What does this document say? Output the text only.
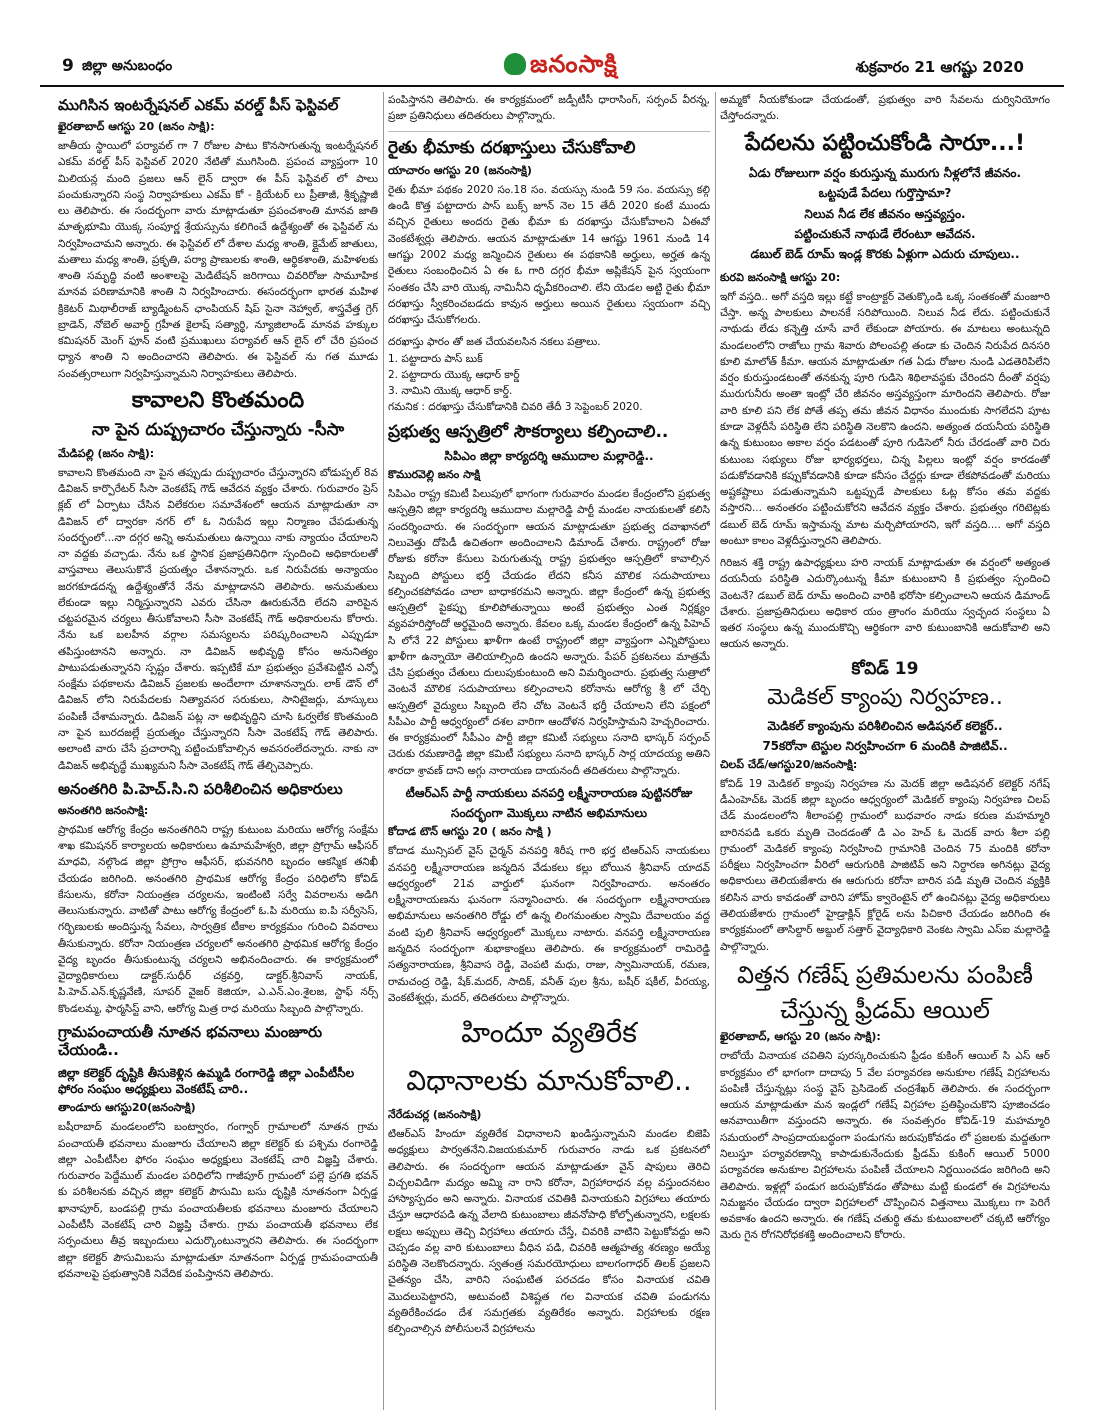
9 జిల్లా అనుబంధం	జనంసాక్షి	శుక్రవారం 21 ఆగష్టు 2020
ముగిసిన ఇంటర్నేషనల్ ఎకమ్ వరల్డ్ పీస్ ఫెస్టివల్
ఖైరతాబాద్ ఆగస్టు 20 (జనం సాక్షి):

జాతీయ స్థాయిలో పర్యావల్ గా 7 రోజుల పాటు కొనసాగుతున్న ఇంటర్నేషనల్ ఎకమ్ వరల్డ్ పీస్ ఫెస్టివల్ 2020 నేటితో ముగిసింది. ప్రపంచ వ్యాప్తంగా 10 మిలియన్ల మంది ప్రజలు ఆన్ లైన్ ద్వారా ఈ పీస్ ఫెస్టివల్ లో పాలు పంచుకున్నారని సంస్థ నిర్వాహకులు ఎకమ్ కో - క్రియేటర్ లు ప్రీతాజీ, శ్రీకృష్ణాజీ లు తెలిపారు. ఈ సందర్భంగా వారు మాట్లాడుతూ ప్రపంచశాంతి మానవ జాతి మాతృభూమి యొక్క సంపూర్ణ శ్రేయస్సును కలిగించే ఉద్దేశ్యంతో ఈ ఫెస్టివల్ ను నిర్వహించామని అన్నారు. ఈ ఫెస్టివల్ లో దేశాల మధ్య శాంతి, క్లైమేట్ జాతులు, మతాలు మధ్య శాంతి, ప్రకృతి, పర్యా ప్రాణులకు శాంతి, ఆర్థికశాంతి, మహిళలకు శాంతి సమృద్ధి వంటి అంశాలపై మెడిటేషన్ జరిగాయి చివరిరోజు సామూహిక మానవ పరిణామానికి శాంతి ని నిర్వహించారు. ఈసందర్భంగా భారత మహిళ క్రికెటర్ మిథాలీరాజ్ బ్యాడ్మింటన్ ఛాంపియన్ షిప్ సైనా నెహ్వాల్, శాస్త్రవేత్త గ్రెగ్ బ్రాడెన్, నోబెల్ అవార్డ్ గ్రహీత కైలాష్ సత్యార్థి, న్యూజిలాండ్ మానవ హక్కుల కమిషనర్ మెంగ్ ఫూన్ వంటి ప్రముఖులు పర్యావల్ ఆన్ లైన్ లో చేరి ప్రపంచ ధ్యాన శాంతి ని అందించారని తెలిపారు. ఈ ఫెస్టివల్ ను గత మూడు సంవత్సరాలుగా నిర్వహిస్తున్నామని నిర్వాహకులు తెలిపారు.

కావాలని కొంతమంది
నా పైన దుష్ప్రచారం చేస్తున్నారు -సీసా
మేడిపల్లి (జనం సాక్షి):

కావాలని కొంతమంది నా పైన తప్పుడు దుష్ప్రచారం చేస్తున్నారని బోడుప్పల్ 8వ డివిజన్ కార్పొరేటర్ సీసా వెంకటేష్ గౌడ్ ఆవేదన వ్యక్తం చేశారు. గురువారం ప్రెస్ క్లబ్ లో ఏర్పాటు చేసిన విలేకరుల సమావేశంలో ఆయన మాట్లాడుతూ నా డివిజన్ లో ద్వారకా నగర్ లో ఓ నిరుపేద ఇల్లు నిర్మాణం చేపడుతున్న సందర్భంలో...నా దగ్గర అన్ని అనుమతులు ఉన్నాయి నాకు న్యాయం చేయాలని నా వద్దకు వచ్చాడు. నేను ఒక స్థానిక ప్రజాప్రతినిధిగా స్పందించి అధికారులతో వాస్తవాలు తెలుసుకొనే ప్రయత్నం చేశానన్నారు. ఒక నిరుపేదకు అన్యాయం జరగకూడదన్న ఉద్దేశ్యంతోనే నేను మాట్లాడానని తెలిపారు. అనుమతులు లేకుండా ఇల్లు నిర్మిస్తున్నారని ఎవరు చేసినా ఊరుకునేది లేదని వారిపైన చట్టపరమైన చర్యలు తీసుకోవాలని సీసా వెంకటేష్ గౌడ్ అధికారులను కోరారు. నేను ఒక బలహీన వర్గాల సమస్యలను పరిష్కరించాలని ఎప్పుడూ తపిస్తుంటానని అన్నారు. నా డివిజన్ అభివృద్ధి కోసం అనునిత్యం పాటుపడుతున్నానని స్పష్టం చేశారు. ఇప్పటికే మా ప్రభుత్వం ప్రవేశపెట్టిన ఎన్నో సంక్షేమ పథకాలను డివిజన్ ప్రజలకు అందేలాగా చూశానన్నారు. లాక్ డౌన్ లో డివిజన్ లోని నిరుపేదలకు నిత్యావసర సరుకులు, సానిటైజర్లు, మాస్కులు పంపిణీ చేశామన్నారు. డివిజన్ పట్ల నా అభివృద్ధిని చూసి ఓర్వలేక కొంతమంది నా పైన బురదజల్లే ప్రయత్నం చేస్తున్నారని సీసా వెంకటేష్ గౌడ్ తెలిపారు. అలాంటి వారు చేసే ప్రచారాన్ని పట్టించుకోవాల్సిన అవసరంలేదన్నారు. నాకు నా డివిజన్ అభివృద్ధే ముఖ్యమని సీసా వెంకటేష్ గౌడ్ తేల్చిచెప్పారు.

అనంతగిరి పి.హెచ్.సి.ని పరిశీలించిన అధికారులు
అనంతగిరి జనంసాక్షి:

ప్రాథమిక ఆరోగ్య కేంద్రం అనంతగిరిని రాష్ట్ర కుటుంబ మరియు ఆరోగ్య సంక్షేమ శాఖ కమిషనర్ కార్యాలయ అధికారులు ఉమామహేశ్వరి, జిల్లా ప్రోగ్రామ్ ఆఫీసర్ మాధవి, నల్గొండ జిల్లా ప్రోగ్రాం ఆఫీసర్, భువనగిరి బృందం ఆకస్మిక తనిఖీ చేయడం జరిగింది. అనంతగిరి ప్రాథమిక ఆరోగ్య కేంద్రం పరిధిలోని కోవిడ్ కేసులను, కరోనా నియంత్రణ చర్యలను, ఇంటింటి సర్వే వివరాలను అడిగి తెలుసుకున్నారు. వాటితో పాటు ఆరోగ్య కేంద్రంలో ఓ.పి మరియు ఐ.పి సర్వీసెస్, గర్భిణులకు అందిస్తున్న సేవలు, సార్వత్రిక టీకాల కార్యక్రమం గురించి వివరాలు తీసుకున్నారు. కరోనా నియంత్రణ చర్యలలో అనంతగిరి ప్రాథమిక ఆరోగ్య కేంద్రం వైద్య బృందం తీసుకుంటున్న చర్యలని అభినందించారు. ఈ కార్యక్రమంలో వైద్యాధికారులు డాక్టర్.సుధీర్ చక్రవర్తి, డాక్టర్.శ్రీనివాస్ నాయక్, పి.హెచ్.ఎన్.కృష్ణవేణి, సూపర్ వైజర్ కెజియా, ఎ.ఎన్.ఎం.శైలజ, స్టాఫ్ నర్స్ కొండలమ్మ, ఫార్మసిస్ట్ వాని, ఆరోగ్య మిత్ర రాధ మరియు సిబ్బంది పాల్గొన్నారు.

గ్రామపంచాయతీ నూతన భవనాలు మంజూరు చేయండి..
జిల్లా కలెక్టర్ దృష్టికి తీసుకెళ్లిన ఉమ్మడి రంగారెడ్డి జిల్లా ఎంపీటీసీల ఫోరం సంఘం అధ్యక్షులు వెంకటేష్ చారి..
తాండూరు ఆగస్టు20(జనంసాక్షి)

బషీరాబాద్ మండలంలోని బంట్వారం, గంగ్వార్ గ్రామాలలో నూతన గ్రామ పంచాయతీ భవనాలు మంజూరు చేయాలని జిల్లా కలెక్టర్ కు పశ్చిమ రంగారెడ్డి జిల్లా ఎంపీటీసీల ఫోరం సంఘం అధ్యక్షులు వెంకటేష్ చారి విజ్ఞప్తి చేశారు. గురువారం పెద్దేముల్ మండల పరిధిలోని గాజీపూర్ గ్రామంలో పల్లె ప్రగతి భవన్ కు పరిశీలనకు వచ్చిన జిల్లా కలెక్టర్ పౌసుమి బసు దృష్టికి నూతనంగా ఏర్పడ్డ ఖానాపూర్, బండపల్లి గ్రామ పంచాయతీలకు భవనాలు మంజూరు చేయాలని ఎంపీటీసీ వెంకటేష్ చారి విజ్ఞప్తి చేశారు. గ్రామ పంచాయతీ భవనాలు లేక సర్పంచులు తీవ్ర ఇబ్బందులు ఎదుర్కొంటున్నారని తెలిపారు. ఈ సందర్భంగా జిల్లా కలెక్టర్ పౌసుమిబసు మాట్లాడుతూ నూతనంగా ఏర్పడ్డ గ్రామపంచాయతీ భవనాలపై ప్రభుత్వానికి నివేదిక పంపిస్తానని తెలిపారు.

పంపిస్తానని తెలిపారు. ఈ కార్యక్రమంలో జడ్పీటీసీ ధారాసింగ్, సర్పంచ్ వీరన్న, ప్రజా ప్రతినిధులు తదితరులు పాల్గొన్నారు.

రైతు భీమాకు దరఖాస్తులు చేసుకోవాలి
యాచారం ఆగస్టు 20 (జనంసాక్షి)

రైతు భీమా పథకం 2020 సం.18 సం. వయస్సు నుండి 59 సం. వయస్సు కల్గి ఉండి కొత్త పట్టాదారు పాస్ బుక్స్ జూన్ నెల 15 తేదీ 2020 కంటే ముందు వచ్చిన రైతులు అందరు రైతు భీమా కు దరఖాస్తు చేసుకోవాలని ఏఈవో వెంకటేశ్వర్లు తెలిపారు. ఆయన మాట్లాడుతూ 14 ఆగష్టు 1961 నుండి 14 ఆగష్టు 2002 మధ్య జన్మించిన రైతులు ఈ పథకానికి అర్హులు, అర్హత ఉన్న రైతులు సంబంధించిన ఏ ఈ ఓ గారి దగ్గర భీమా అప్లికేషన్ పైన స్వయంగా సంతకం చేసి వారి యొక్క నామినీని ధృవీకరించాలి. లేని యెడల అట్టి రైతు భీమా దరఖాస్తు స్వీకరించబడదు కావున అర్హులు అయిన రైతులు స్వయంగా వచ్చి దరఖాస్తు చేసుకోగలరు.

దరఖాస్తు ఫారం తో జత చేయవలసిన నకలు పత్రాలు.
1. పట్టాదారు పాస్ బుక్
2. పట్టాదారు యొక్క ఆధార్ కార్డ్
3. నామిని యొక్క ఆధార్ కార్డ్.
గమనిక : దరఖాస్తు చేసుకోడానికి చివరి తేదీ 3 సెప్టెంబర్ 2020.
ప్రభుత్వ ఆస్పత్రిలో సౌకర్యాలు కల్పించాలి..
సిపిఎం జిల్లా కార్యదర్శి ఆముదాల మల్లారెడ్డి..
కొమురవెల్లి జనం సాక్షి

సిపిఎం రాష్ట్ర కమిటీ పిలుపులో భాగంగా గురువారం మండల కేంద్రంలోని ప్రభుత్వ ఆస్పత్రిని జిల్లా కార్యదర్శి ఆముదాల మల్లారెడ్డి పార్టీ మండల నాయకులతో కలిసి సందర్శించారు. ఈ సందర్భంగా ఆయన మాట్లాడుతూ ప్రభుత్వ దవాఖానలో నిలువెత్తు దోపిడీ ఉచితంగా అందించాలని డిమాండ్ చేశారు. రాష్ట్రంలో రోజు రోజుకు కరోనా కేసులు పెరుగుతున్న రాష్ట్ర ప్రభుత్వం ఆస్పత్రిలో కావాల్సిన సిబ్బంది పోస్టులు భర్తీ చేయడం లేదని కనీస మౌలిక సదుపాయాలు కల్పించకపోవడం చాలా బాధాకరమని అన్నారు. జిల్లా కేంద్రంలో ఉన్న ప్రభుత్వ ఆస్పత్రిలో పైకప్పు కూలిపోతున్నాయి అంటే ప్రభుత్వం ఎంత నిర్లక్ష్యం వ్యవహరిస్తోందో అర్థమైంది అన్నారు. కేవలం ఒక్క మండల కేంద్రంలో ఉన్న పిహెచ్ సి లోనే 22 పోస్టులు ఖాళీగా ఉంటే రాష్ట్రంలో జిల్లా వ్యాప్తంగా ఎన్నిపోస్టులు ఖాళీగా ఉన్నాయో తెలియాల్సింది ఉందని అన్నారు. పేపర్ ప్రకటనలు మాత్రమే చేసి ప్రభుత్వం చేతులు దులుపుకుంటుంది అని విమర్శించారు. ప్రభుత్వ సుత్రాలో వెంటనే మౌలిక సదుపాయాలు కల్పించాలని కరోనాను ఆరోగ్య శ్రీ లో చేర్చి ఆస్పత్రిలో వైద్యులు సిబ్బంది లేని చోట వెంటనే భర్తీ చేయాలని లేని పక్షంలో సీపీఎం పార్టీ ఆధ్వర్యంలో దశల వారిగా ఆందోళన నిర్వహిస్తామని హెచ్చరించారు. ఈ కార్యక్రమంలో సీపీఎం పార్టీ జిల్లా కమిటీ సభ్యులు సనాది భాస్కర్ సర్పంచ్ చెరుకు రమణారెడ్డి జిల్లా కమిటీ సభ్యులు సనాది భాస్కర్ సార్ల యాదయ్య అతిని శారదా శ్రావణ్ దాని అగ్గు నారాయణ దాయనందీ తదితరులు పాల్గొన్నారు.

టీఆర్ఎస్ పార్టీ నాయకులు వనపర్తి లక్ష్మీనారాయణ పుట్టినరోజు
సందర్భంగా మొక్కలు నాటిన అభిమానులు
కోదాడ టౌన్ ఆగస్టు 20 ( జనం సాక్షి )

కోదాడ మున్సిపల్ వైస్ చైర్మన్ వనపర్తి శిరీష గారి భర్త టిఆర్ఎస్ నాయకులు వనపర్తి లక్ష్మీనారాయణ జన్మదిన వేడుకలు కల్లు బోయిన శ్రీనివాస్ యాదవ్ ఆధ్వర్యంలో 21వ వార్డులో ఘనంగా నిర్వహించారు. అనంతరం లక్ష్మీనారాయణను ఘనంగా సన్మానించారు. ఈ సందర్భంగా లక్ష్మీనారాయణ అభిమానులు అనంతగిరి రోడ్డు లో ఉన్న లింగమంతుల స్వామి దేవాలయం వద్ద వంటి పులి శ్రీనివాస్ ఆధ్వర్యంలో మొక్కలు నాటారు. వనపర్తి లక్ష్మీనారాయణ జన్మదిన సందర్భంగా శుభాకాంక్షలు తెలిపారు. ఈ కార్యక్రమంలో రామిరెడ్డి సత్యనారాయణ, శ్రీనివాస రెడ్డి, వెంపటి మధు, రాజు, స్వామినాయక్, రమణ, రామచంద్ర రెడ్డి, షేక్.మదర్, సాదిక్, వనీత్ పుల శ్రీను, బషీర్ షకీల్, వీరయ్య, వెంకటేశ్వర్లు, మదర్, తదితరులు పాల్గొన్నారు.

హిందూ వ్యతిరేక
విధానాలకు మానుకోవాలి..
నేరేడుచర్ల (జనంసాక్షి)

టిఆర్ఎస్ హిందూ వ్యతిరేక విధానాలని ఖండిస్తున్నామని మండల బిజెపి అధ్యక్షులు పార్వతనేని.విజయకుమార్ గురువారం నాడు ఒక ప్రకటనలో తెలిపారు. ఈ సందర్భంగా ఆయన మాట్లాడుతూ వైన్ షాపులు తెరిచి విచ్చలవిడిగా మద్యం అమ్మి నా రాని కరోనా, విగ్రహారాధన వల్ల వస్తుందనటం హాస్యాస్పదం అని అన్నారు. వినాయక చవితికి వినాయకుని విగ్రహాలు తయారు చేస్తూ ఆధారపడి ఉన్న వేలాది కుటుంబాలు జీవనోపాధి కోల్పోతున్నారని, లక్షలకు లక్షలు అప్పులు తెచ్చి విగ్రహాలు తయారు చేస్తే, చివరికి వాటిని పెట్టుకోవద్దు అని చెప్పడం వల్ల వారి కుటుంబాలు వీధిన పడి, చివరికి ఆత్మహత్య శరణ్యం అయ్యే పరిస్థితి నెలకొందన్నారు. స్వతంత్ర సమరయోధులు బాలగంగాధర్ తిలక్ ప్రజలని చైతన్యం చేసి, వారిని సంఘటిత పరచడం కోసం వినాయక చవితి మొదలుపెట్టారని, అటువంటి విశిష్టత గల వినాయక చవితి పండుగను వ్యతిరేకించడం దేశ సమగ్రతకు వ్యతిరేకం అన్నారు. విగ్రహాలకు రక్షణ కల్పించాల్సిన పోలీసులనే విగ్రహాలను

అమ్మకో నీయకోకుండా చేయడంతో, ప్రభుత్వం వారి సేవలను దుర్వినియోగం చేస్తోందన్నారు.

పేదలను పట్టించుకోండి సారూ...!
ఏడు రోజులుగా వర్షం కురుస్తున్న మురుగు నీళ్లలోనే జీవనం.
ఒట్టపుడే పేదలు గుర్తొస్తామా?
నిలువ నీడ లేక జీవనం అస్తవ్యస్తం.
పట్టించుకునే నాథుడే లేరంటూ ఆవేదన.
డబుల్ బెడ్ రూమ్ ఇండ్ల కొరకు ఏళ్లుగా ఎదురు చూపులు..
కురవి జనంసాక్షి ఆగస్టు 20:

ఇగో వస్తది.. అగో వస్తది ఇల్లు కట్టే కాంట్రాక్టర్ వెతుక్కొండి ఒక్క సంతకంతో మంజూరి చేస్తా. అన్న పాలకులు పాలనకే సరిపోయింది. నిలువ నీడ లేదు. పట్టించుకునే నాథుడు లేడు కన్నెత్తి చూసే వారే లేకుండా పోయారు. ఈ మాటలు అంటున్నది మండలంలోని రాజోలు గ్రామ శివారు పోలంపల్లి తండా కు చెందిన నిరుపేద దినసరి కూలి మాలోత్ కీమా. ఆయన మాట్లాడుతూ గత ఏడు రోజుల నుండి ఎడతెరిపిలేని వర్షం కురుస్తుండటంతో తనకున్న పూరి గుడిసె శిథిలావస్థకు చేరిందని దీంతో వర్షపు మురుగునీరు అంతా ఇంట్లో చేరి జీవనం అస్తవ్యస్తంగా మారిందని తెలిపారు. రోజు వారి కూలి పని లేక పోతే తప్ప తమ జీవన విధానం ముందుకు సాగలేదని పూట కూడా వెళ్లదీసే పరిస్థితి లేని పరిస్థితి నెలకొని ఉందని. అత్యంత దయనీయ పరిస్థితి ఉన్న కుటుంబం అకాల వర్షం పడటంతో పూరి గుడిసెలో నీరు చేరడంతో వారి చిరు కుటుంబ సభ్యులు రోజు భార్యభర్తలు, చిన్న పిల్లలు ఇంట్లో వర్షం కారడంతో పడుకోవడానికి కప్పుకోవడానికి కూడా కనీసం చేద్దర్లు కూడా లేకపోవడంతో మరియు అష్టకష్టాలు పడుతున్నామని ఒట్టప్పుడే పాలకులు ఓట్ల కోసం తమ వద్దకు వస్తారని... అనంతరం పట్టించుకోరని ఆవేదన వ్యక్తం చేశారు. ప్రభుత్వం గరిటెట్లకు డబుల్ బెడ్ రూమ్ ఇస్తామన్న మాట మర్చిపోయారని, ఇగో వస్తది.... అగో వస్తది అంటూ కాలం వెళ్లదీస్తున్నారని తెలిపారు.

గిరిజన శక్తి రాష్ట్ర ఉపాధ్యక్షులు హరి నాయక్ మాట్లాడుతూ ఈ వర్షంలో అత్యంత దయనీయ పరిస్థితి ఎదుర్కొంటున్న కీమా కుటుంబాని కి ప్రభుత్వం స్పందించి వెంటనే? డబుల్ బెడ్ రూమ్ అందించి వారికి భరోసా కల్పించాలని ఆయన డిమాండ్ చేశారు. ప్రజాప్రతినిధులు అధికార యం త్రాంగం మరియు స్వచ్ఛంద సంస్థలు ఏ ఇతర సంస్థలు ఉన్న ముందుకొచ్చి ఆర్థికంగా వారి కుటుంబానికి ఆదుకోవాలి అని ఆయన అన్నారు.

కోవిడ్ 19
మెడికల్ క్యాంపు నిర్వహణ..
మెడికల్ క్యాంపును పరిశీలించిన అడిషనల్ కలెక్టర్..
75కరోనా టెస్టుల నిర్వహించగా 6 మందికి పాజిటివ్..
చిలప్ చేడ్/ఆగస్టు20/జనంసాక్షి:

కోవిడ్ 19 మెడికల్ క్యాంపు నిర్వహణ ను మెదక్ జిల్లా అడిషనల్ కలెక్టర్ నగేష్ డీఎంహెచ్ఓ మెదక్ జిల్లా బృందం ఆధ్వర్యంలో మెడికల్ క్యాంపు నిర్వహణ చిలప్ చేడ్ మండలంలోని శీలాంపల్లి గ్రామంలో బుధవారం నాడు కరుణ మహమ్మారి బారినపడి ఒకరు మృతి చెందడంతో డి ఎం హెచ్ ఓ మెదక్ వారు శీలా పల్లి గ్రామంలో మెడికల్ క్యాంపు నిర్వహించి గ్రామానికి చెందిన 75 మందికి కరోనా పరీక్షలు నిర్వహించగా వీరిలో ఆరుగురికి పాజిటివ్ అని నిర్ధారణ అగినట్లు వైద్య అధికారులు తెలియజేశారు ఈ ఆరుగురు కరోనా బారిన పడి మృతి చెందిన వ్యక్తికి కలిసిన వారు కావడంతో వారిని హోమ్ క్వారెంటైన్ లో ఉంచినట్లు వైద్య అధికారులు తెలియజేశారు గ్రామంలో హైడ్రాక్లిన్ క్లోరైడ్ లను పిచికారి చేయడం జరిగింది ఈ కార్యక్రమంలో తాసిల్దార్ అబ్దుల్ సత్తార్ వైద్యాధికారి వెంకట స్వామి ఎస్ఐ మల్లారెడ్డి పాల్గొన్నారు.

విత్తన గణేష్ ప్రతిమలను పంపిణీ
చేస్తున్న ఫ్రీడమ్ ఆయిల్
ఖైరతాబాద్, ఆగస్టు 20 (జనం సాక్షి):

రాబోయే వినాయక చవితిని పురస్కరించుకుని ఫ్రీడం కుకింగ్ ఆయిల్ సి ఎస్ ఆర్ కార్యక్రమం లో భాగంగా దాదాపు 5 వేల పర్యావరణ అనుకూల గణేష్ విగ్రహాలను పంపిణీ చేస్తున్నట్లు సంస్థ వైస్ ప్రెసిడెంట్ చంద్రశేఖర్ తెలిపారు. ఈ సందర్భంగా ఆయన మాట్లాడుతూ మన ఇండ్లలో గణేష్ విగ్రహాల ప్రతిష్ఠించుకొని పూజించడం ఆనవాయితీగా వస్తుందని అన్నారు. ఈ సంవత్సరం కోవిడ్-19 మహమ్మారి సమయంలో సాంప్రదాయబద్ధంగా పండుగను జరుపుకోవడం లో ప్రజలకు మద్దతుగా నిలుస్తూ పర్యావరణాన్ని కాపాడుకునేందుకు ఫ్రీడమ్ కుకింగ్ ఆయిల్ 5000 పర్యావరణ అనుకూల విగ్రహాలను పంపిణీ చేయాలని నిర్ణయించడం జరిగింది అని తెలిపారు. ఇళ్లల్లో పండుగ జరుపుకోవడం తోపాటు మట్టి కుండలో ఈ విగ్రహాలను నిమజ్జనం చేయడం ద్వారా విగ్రహాలలో చొప్పించిన విత్తనాలు మొక్కలు గా పెరిగే అవకాశం ఉందని అన్నారు. ఈ గణేష్ చతుర్థి తమ కుటుంబాలలో చక్కటి ఆరోగ్యం మెరు గైన రోగనిరోధకశక్తి అందించాలని కోరారు.
